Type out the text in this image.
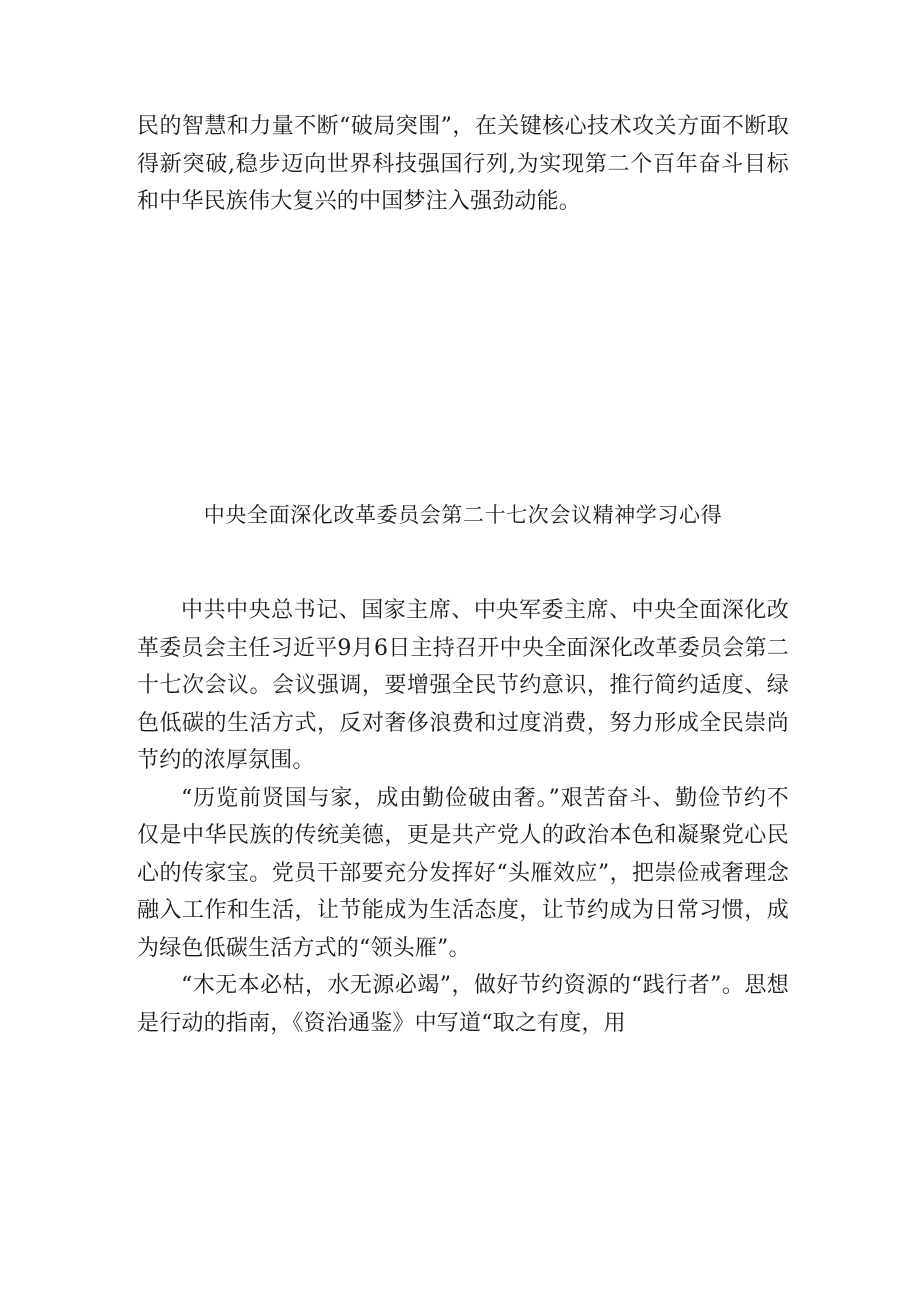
民的智慧和力量不断“破局突围”，在关键核心技术攻关方面不断取得新突破,稳步迈向世界科技强国行列,为实现第二个百年奋斗目标和中华民族伟大复兴的中国梦注入强劲动能。

中央全面深化改革委员会第二十七次会议精神学习心得

中共中央总书记、国家主席、中央军委主席、中央全面深化改革委员会主任习近平9月6日主持召开中央全面深化改革委员会第二十七次会议。会议强调，要增强全民节约意识，推行简约适度、绿色低碳的生活方式，反对奢侈浪费和过度消费，努力形成全民崇尚节约的浓厚氛围。

“历览前贤国与家，成由勤俭破由奢。”艰苦奋斗、勤俭节约不仅是中华民族的传统美德，更是共产党人的政治本色和凝聚党心民心的传家宝。党员干部要充分发挥好“头雁效应”，把崇俭戒奢理念融入工作和生活，让节能成为生活态度，让节约成为日常习惯，成为绿色低碳生活方式的“领头雁”。

“木无本必枯，水无源必竭”，做好节约资源的“践行者”。思想是行动的指南，《资治通鉴》中写道“取之有度，用
